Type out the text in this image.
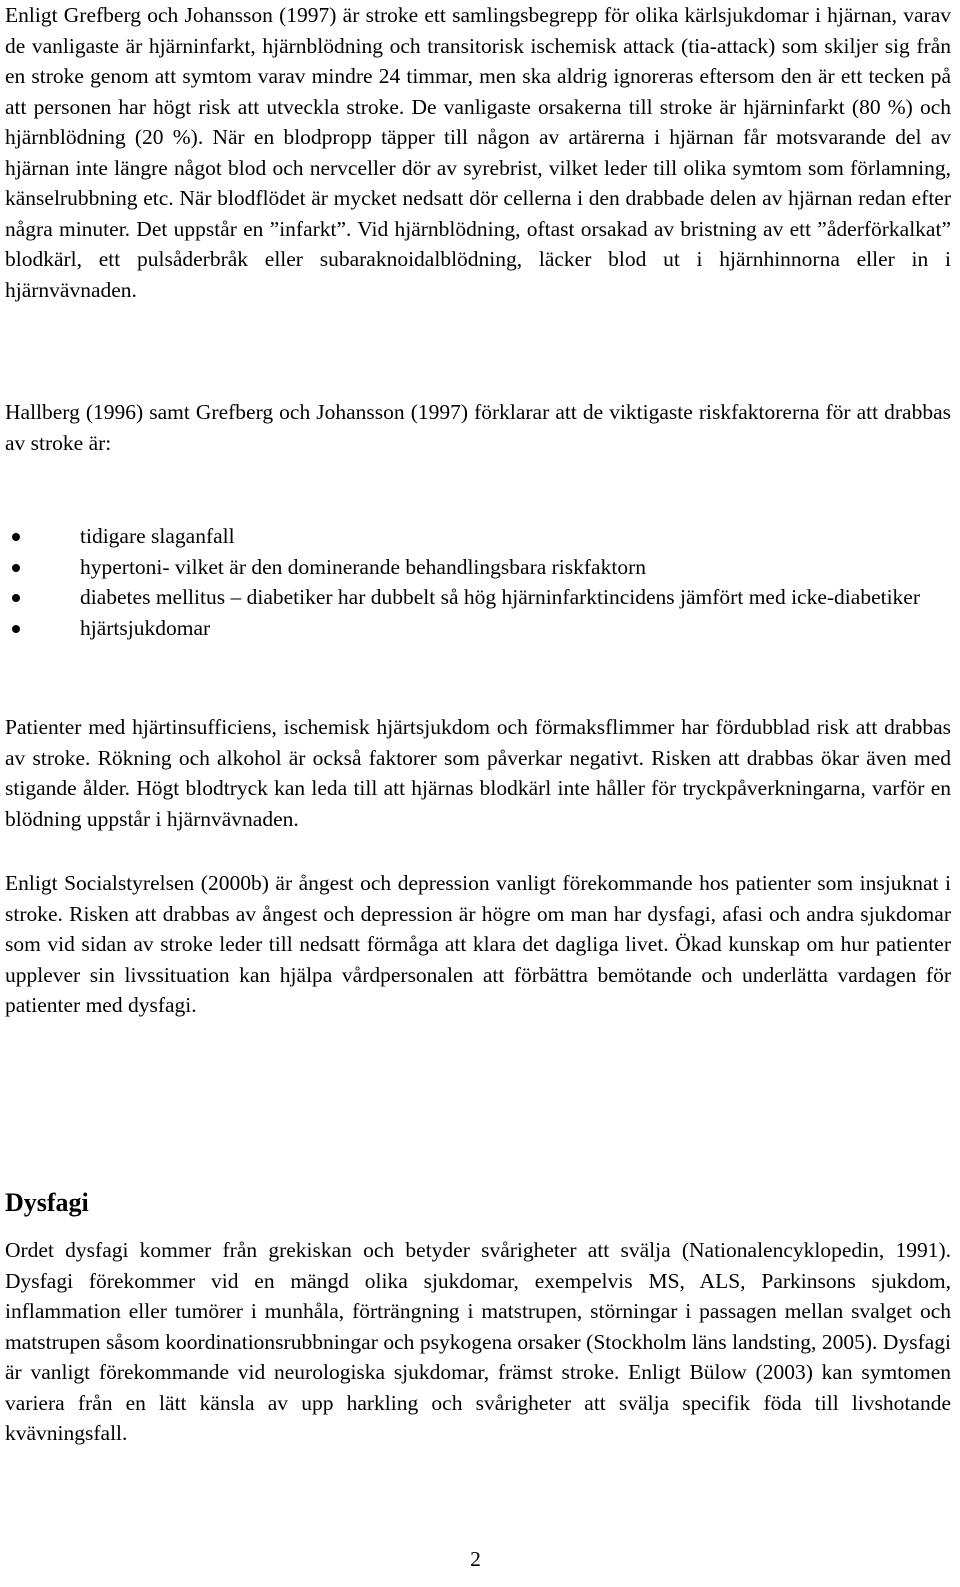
Enligt Grefberg och Johansson (1997) är stroke ett samlingsbegrepp för olika kärlsjukdomar i hjärnan, varav de vanligaste är hjärninfarkt, hjärnblödning och transitorisk ischemisk attack (tia-attack) som skiljer sig från en stroke genom att symtom varav mindre 24 timmar, men ska aldrig ignoreras eftersom den är ett tecken på att personen har högt risk att utveckla stroke. De vanligaste orsakerna till stroke är hjärninfarkt (80 %) och hjärnblödning (20 %). När en blodpropp täpper till någon av artärerna i hjärnan får motsvarande del av hjärnan inte längre något blod och nervceller dör av syrebrist, vilket leder till olika symtom som förlamning, känselrubbning etc. När blodflödet är mycket nedsatt dör cellerna i den drabbade delen av hjärnan redan efter några minuter. Det uppstår en ”infarkt”. Vid hjärnblödning, oftast orsakad av bristning av ett ”åderförkalkat” blodkärl, ett pulsåderbråk eller subaraknoidalblödning, läcker blod ut i hjärnhinnorna eller in i hjärnvävnaden.

Hallberg (1996) samt Grefberg och Johansson (1997) förklarar att de viktigaste riskfaktorerna för att drabbas av stroke är:

tidigare slaganfall
hypertoni- vilket är den dominerande behandlingsbara riskfaktorn
diabetes mellitus – diabetiker har dubbelt så hög hjärninfarktincidens jämfört med icke-diabetiker
hjärtsjukdomar

Patienter med hjärtinsufficiens, ischemisk hjärtsjukdom och förmaksflimmer har fördubblad risk att drabbas av stroke. Rökning och alkohol är också faktorer som påverkar negativt. Risken att drabbas ökar även med stigande ålder. Högt blodtryck kan leda till att hjärnas blodkärl inte håller för tryckpåverkningarna, varför en blödning uppstår i hjärnvävnaden.

Enligt Socialstyrelsen (2000b) är ångest och depression vanligt förekommande hos patienter som insjuknat i stroke. Risken att drabbas av ångest och depression är högre om man har dysfagi, afasi och andra sjukdomar som vid sidan av stroke leder till nedsatt förmåga att klara det dagliga livet. Ökad kunskap om hur patienter upplever sin livssituation kan hjälpa vårdpersonalen att förbättra bemötande och underlätta vardagen för patienter med dysfagi.

Dysfagi

Ordet dysfagi kommer från grekiskan och betyder svårigheter att svälja (Nationalencyklopedin, 1991). Dysfagi förekommer vid en mängd olika sjukdomar, exempelvis MS, ALS, Parkinsons sjukdom, inflammation eller tumörer i munhåla, förträngning i matstrupen, störningar i passagen mellan svalget och matstrupen såsom koordinationsrubbningar och psykogena orsaker (Stockholm läns landsting, 2005). Dysfagi är vanligt förekommande vid neurologiska sjukdomar, främst stroke. Enligt Bülow (2003) kan symtomen variera från en lätt känsla av upp harkling och svårigheter att svälja specifik föda till livshotande kvävningsfall.

2
